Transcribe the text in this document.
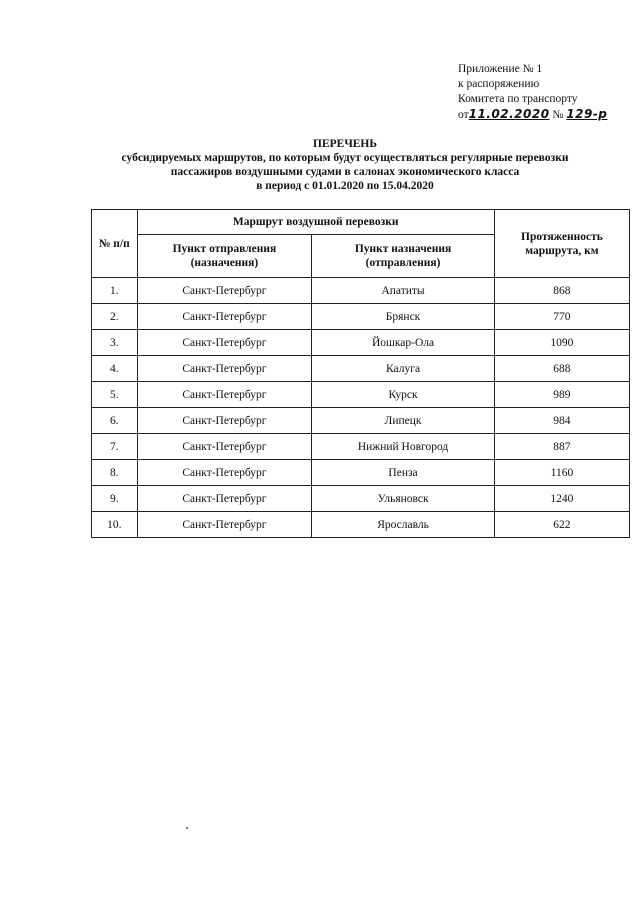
Приложение № 1
к распоряжению
Комитета по транспорту
от11.02.2020 № 129-р
ПЕРЕЧЕНЬ
субсидируемых маршрутов, по которым будут осуществляться регулярные перевозки
пассажиров воздушными судами в салонах экономического класса
в период с 01.01.2020 по 15.04.2020
№ п/п	Маршрут воздушной перевозки		Протяженность маршрута, км
	Пункт отправления (назначения)	Пункт назначения (отправления)	
1.	Санкт-Петербург	Апатиты	868
2.	Санкт-Петербург	Брянск	770
3.	Санкт-Петербург	Йошкар-Ола	1090
4.	Санкт-Петербург	Калуга	688
5.	Санкт-Петербург	Курск	989
6.	Санкт-Петербург	Липецк	984
7.	Санкт-Петербург	Нижний Новгород	887
8.	Санкт-Петербург	Пенза	1160
9.	Санкт-Петербург	Ульяновск	1240
10.	Санкт-Петербург	Ярославль	622
